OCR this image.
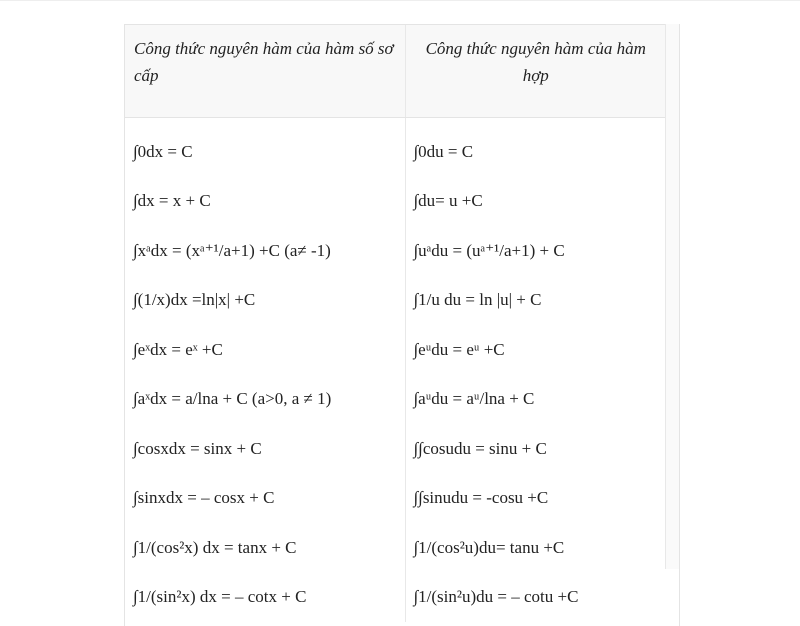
Công thức nguyên hàm của hàm số sơ cấp	Công thức nguyên hàm của hàm hợp

∫0dx = C	∫0du = C
∫dx = x + C	∫du= u +C
∫xᵃdx = (xᵃ⁺¹/a+1) +C (a≠ -1)	∫uᵃdu = (uᵃ⁺¹/a+1) + C
∫(1/x)dx =ln|x| +C	∫1/u du = ln |u| + C
∫eˣdx = eˣ +C	∫eᵘdu = eᵘ +C
∫aˣdx = a/lna + C (a>0, a ≠ 1)	∫aᵘdu = aᵘ/lna + C
∫cosxdx = sinx + C	∫∫cosudu = sinu + C
∫sinxdx = – cosx + C	∫∫sinudu = -cosu +C
∫1/(cos²x) dx = tanx + C	∫1/(cos²u)du= tanu +C
∫1/(sin²x) dx = – cotx + C	∫1/(sin²u)du = – cotu +C
